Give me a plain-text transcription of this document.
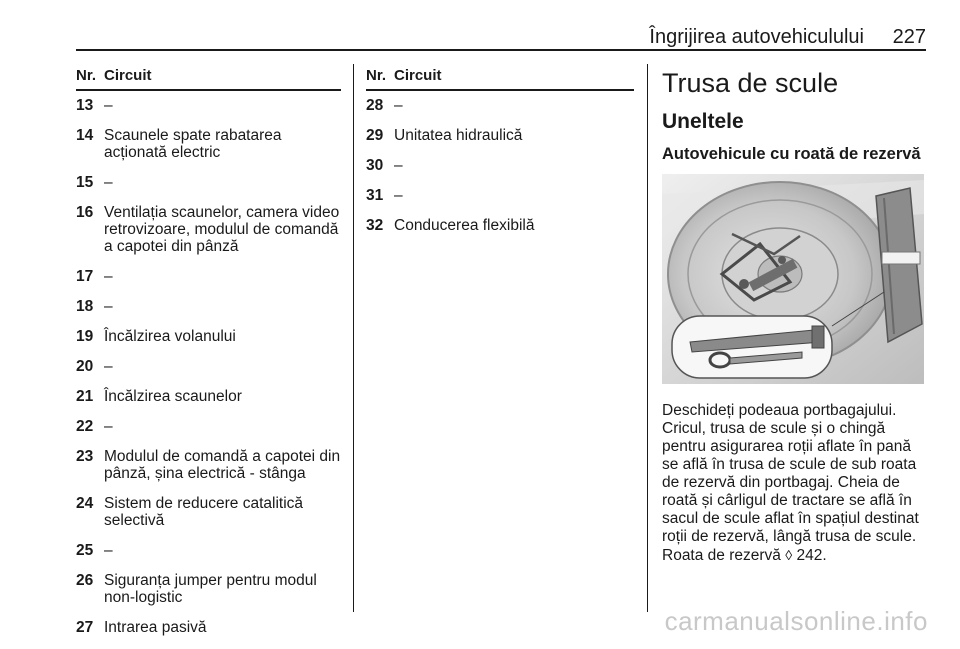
Îngrijirea autovehiculului 227
Nr. Circuit
13 –
14 Scaunele spate rabatarea acționată electric
15 –
16 Ventilația scaunelor, camera video retrovizoare, modulul de comandă a capotei din pânză
17 –
18 –
19 Încălzirea volanului
20 –
21 Încălzirea scaunelor
22 –
23 Modulul de comandă a capotei din pânză, șina electrică - stânga
24 Sistem de reducere catalitică selectivă
25 –
26 Siguranța jumper pentru modul non-logistic
27 Intrarea pasivă
Nr. Circuit
28 –
29 Unitatea hidraulică
30 –
31 –
32 Conducerea flexibilă
Trusa de scule
Uneltele
Autovehicule cu roată de rezervă

Deschideți podeaua portbagajului. Cricul, trusa de scule și o chingă pentru asigurarea roții aflate în pană se află în trusa de scule de sub roata de rezervă din portbagaj. Cheia de roată și cârligul de tractare se află în sacul de scule aflat în spațiul destinat roții de rezervă, lângă trusa de scule. Roata de rezervă ◊ 242.

carmanualsonline.info
